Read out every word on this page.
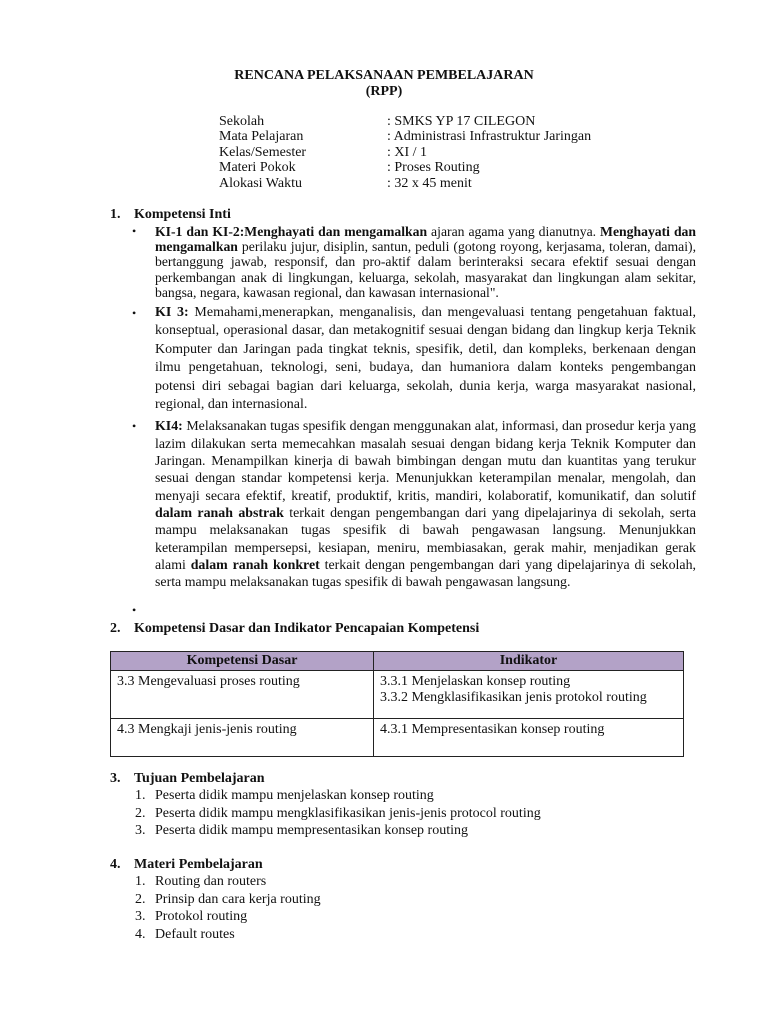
RENCANA PELAKSANAAN PEMBELAJARAN
(RPP)
Sekolah	: SMKS YP 17 CILEGON
Mata Pelajaran	: Administrasi Infrastruktur Jaringan
Kelas/Semester	: XI / 1
Materi Pokok	: Proses Routing
Alokasi Waktu	: 32 x 45 menit
1. Kompetensi Inti
• KI-1 dan KI-2:Menghayati dan mengamalkan ajaran agama yang dianutnya. Menghayati dan mengamalkan perilaku jujur, disiplin, santun, peduli (gotong royong, kerjasama, toleran, damai), bertanggung jawab, responsif, dan pro-aktif dalam berinteraksi secara efektif sesuai dengan perkembangan anak di lingkungan, keluarga, sekolah, masyarakat dan lingkungan alam sekitar, bangsa, negara, kawasan regional, dan kawasan internasional".
• KI 3: Memahami,menerapkan, menganalisis, dan mengevaluasi tentang pengetahuan faktual, konseptual, operasional dasar, dan metakognitif sesuai dengan bidang dan lingkup kerja Teknik Komputer dan Jaringan pada tingkat teknis, spesifik, detil, dan kompleks, berkenaan dengan ilmu pengetahuan, teknologi, seni, budaya, dan humaniora dalam konteks pengembangan potensi diri sebagai bagian dari keluarga, sekolah, dunia kerja, warga masyarakat nasional, regional, dan internasional.
• KI4: Melaksanakan tugas spesifik dengan menggunakan alat, informasi, dan prosedur kerja yang lazim dilakukan serta memecahkan masalah sesuai dengan bidang kerja Teknik Komputer dan Jaringan. Menampilkan kinerja di bawah bimbingan dengan mutu dan kuantitas yang terukur sesuai dengan standar kompetensi kerja. Menunjukkan keterampilan menalar, mengolah, dan menyaji secara efektif, kreatif, produktif, kritis, mandiri, kolaboratif, komunikatif, dan solutif dalam ranah abstrak terkait dengan pengembangan dari yang dipelajarinya di sekolah, serta mampu melaksanakan tugas spesifik di bawah pengawasan langsung. Menunjukkan keterampilan mempersepsi, kesiapan, meniru, membiasakan, gerak mahir, menjadikan gerak alami dalam ranah konkret terkait dengan pengembangan dari yang dipelajarinya di sekolah, serta mampu melaksanakan tugas spesifik di bawah pengawasan langsung.
•
2. Kompetensi Dasar dan Indikator Pencapaian Kompetensi
Kompetensi Dasar	Indikator
3.3 Mengevaluasi proses routing	3.3.1 Menjelaskan konsep routing
3.3.2 Mengklasifikasikan jenis protokol routing

4.3 Mengkaji jenis-jenis routing	4.3.1 Mempresentasikan konsep routing
3. Tujuan Pembelajaran
1. Peserta didik mampu menjelaskan konsep routing
2. Peserta didik mampu mengklasifikasikan jenis-jenis protocol routing
3. Peserta didik mampu mempresentasikan konsep routing
4. Materi Pembelajaran
1. Routing dan routers
2. Prinsip dan cara kerja routing
3. Protokol routing
4. Default routes
